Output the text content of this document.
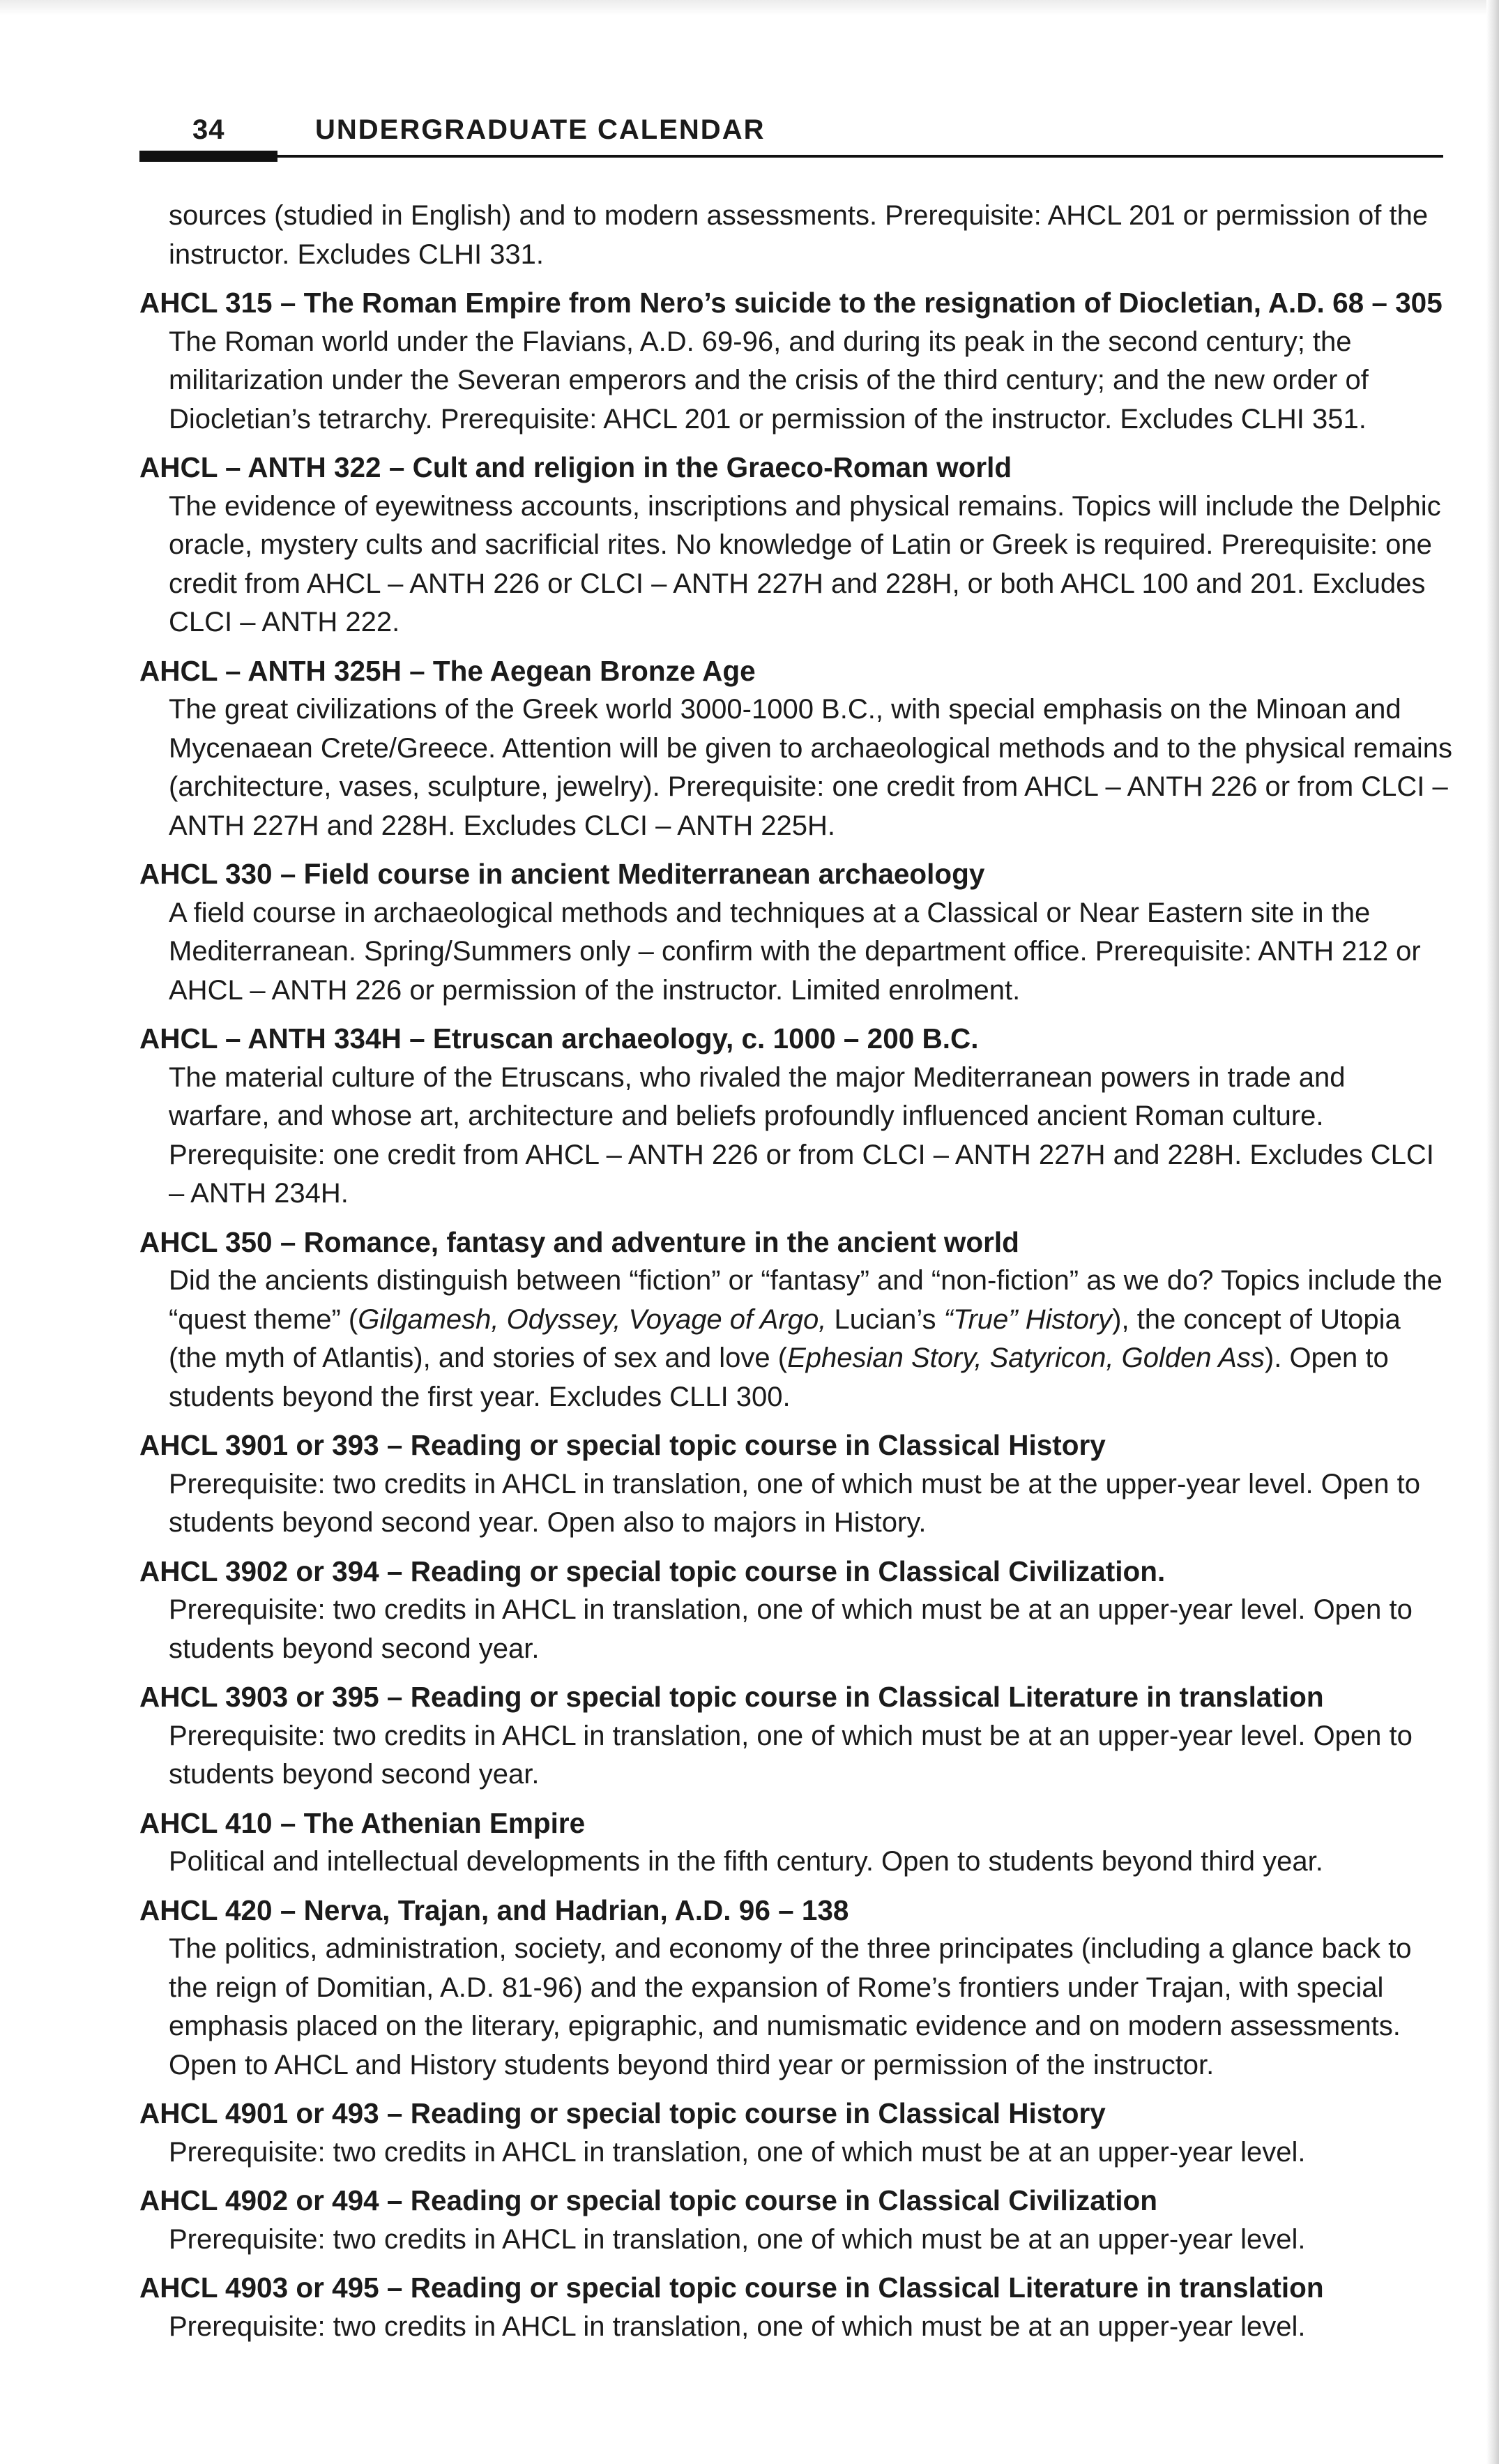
34	UNDERGRADUATE CALENDAR

sources (studied in English) and to modern assessments. Prerequisite: AHCL 201 or permission of the instructor. Excludes CLHI 331.

AHCL 315 – The Roman Empire from Nero’s suicide to the resignation of Diocletian, A.D. 68 – 305

The Roman world under the Flavians, A.D. 69-96, and during its peak in the second century; the militarization under the Severan emperors and the crisis of the third century; and the new order of Diocletian’s tetrarchy. Prerequisite: AHCL 201 or permission of the instructor. Excludes CLHI 351.

AHCL – ANTH 322 – Cult and religion in the Graeco-Roman world

The evidence of eyewitness accounts, inscriptions and physical remains. Topics will include the Delphic oracle, mystery cults and sacrificial rites. No knowledge of Latin or Greek is required. Prerequisite: one credit from AHCL – ANTH 226 or CLCI – ANTH 227H and 228H, or both AHCL 100 and 201. Excludes CLCI – ANTH 222.

AHCL – ANTH 325H – The Aegean Bronze Age

The great civilizations of the Greek world 3000-1000 B.C., with special emphasis on the Minoan and Mycenaean Crete/Greece. Attention will be given to archaeological methods and to the physical remains (architecture, vases, sculpture, jewelry). Prerequisite: one credit from AHCL – ANTH 226 or from CLCI – ANTH 227H and 228H. Excludes CLCI – ANTH 225H.

AHCL 330 – Field course in ancient Mediterranean archaeology

A field course in archaeological methods and techniques at a Classical or Near Eastern site in the Mediterranean. Spring/Summers only – confirm with the department office. Prerequisite: ANTH 212 or AHCL – ANTH 226 or permission of the instructor. Limited enrolment.

AHCL – ANTH 334H – Etruscan archaeology, c. 1000 – 200 B.C.

The material culture of the Etruscans, who rivaled the major Mediterranean powers in trade and warfare, and whose art, architecture and beliefs profoundly influenced ancient Roman culture. Prerequisite: one credit from AHCL – ANTH 226 or from CLCI – ANTH 227H and 228H. Excludes CLCI – ANTH 234H.

AHCL 350 – Romance, fantasy and adventure in the ancient world

Did the ancients distinguish between “fiction” or “fantasy” and “non-fiction” as we do? Topics include the “quest theme” (Gilgamesh, Odyssey, Voyage of Argo, Lucian’s “True” History), the concept of Utopia (the myth of Atlantis), and stories of sex and love (Ephesian Story, Satyricon, Golden Ass). Open to students beyond the first year. Excludes CLLI 300.

AHCL 3901 or 393 – Reading or special topic course in Classical History

Prerequisite: two credits in AHCL in translation, one of which must be at the upper-year level. Open to students beyond second year. Open also to majors in History.

AHCL 3902 or 394 – Reading or special topic course in Classical Civilization.

Prerequisite: two credits in AHCL in translation, one of which must be at an upper-year level. Open to students beyond second year.

AHCL 3903 or 395 – Reading or special topic course in Classical Literature in translation

Prerequisite: two credits in AHCL in translation, one of which must be at an upper-year level. Open to students beyond second year.

AHCL 410 – The Athenian Empire

Political and intellectual developments in the fifth century. Open to students beyond third year.

AHCL 420 – Nerva, Trajan, and Hadrian, A.D. 96 – 138

The politics, administration, society, and economy of the three principates (including a glance back to the reign of Domitian, A.D. 81-96) and the expansion of Rome’s frontiers under Trajan, with special emphasis placed on the literary, epigraphic, and numismatic evidence and on modern assessments. Open to AHCL and History students beyond third year or permission of the instructor.

AHCL 4901 or 493 – Reading or special topic course in Classical History

Prerequisite: two credits in AHCL in translation, one of which must be at an upper-year level.

AHCL 4902 or 494 – Reading or special topic course in Classical Civilization

Prerequisite: two credits in AHCL in translation, one of which must be at an upper-year level.

AHCL 4903 or 495 – Reading or special topic course in Classical Literature in translation

Prerequisite: two credits in AHCL in translation, one of which must be at an upper-year level.
